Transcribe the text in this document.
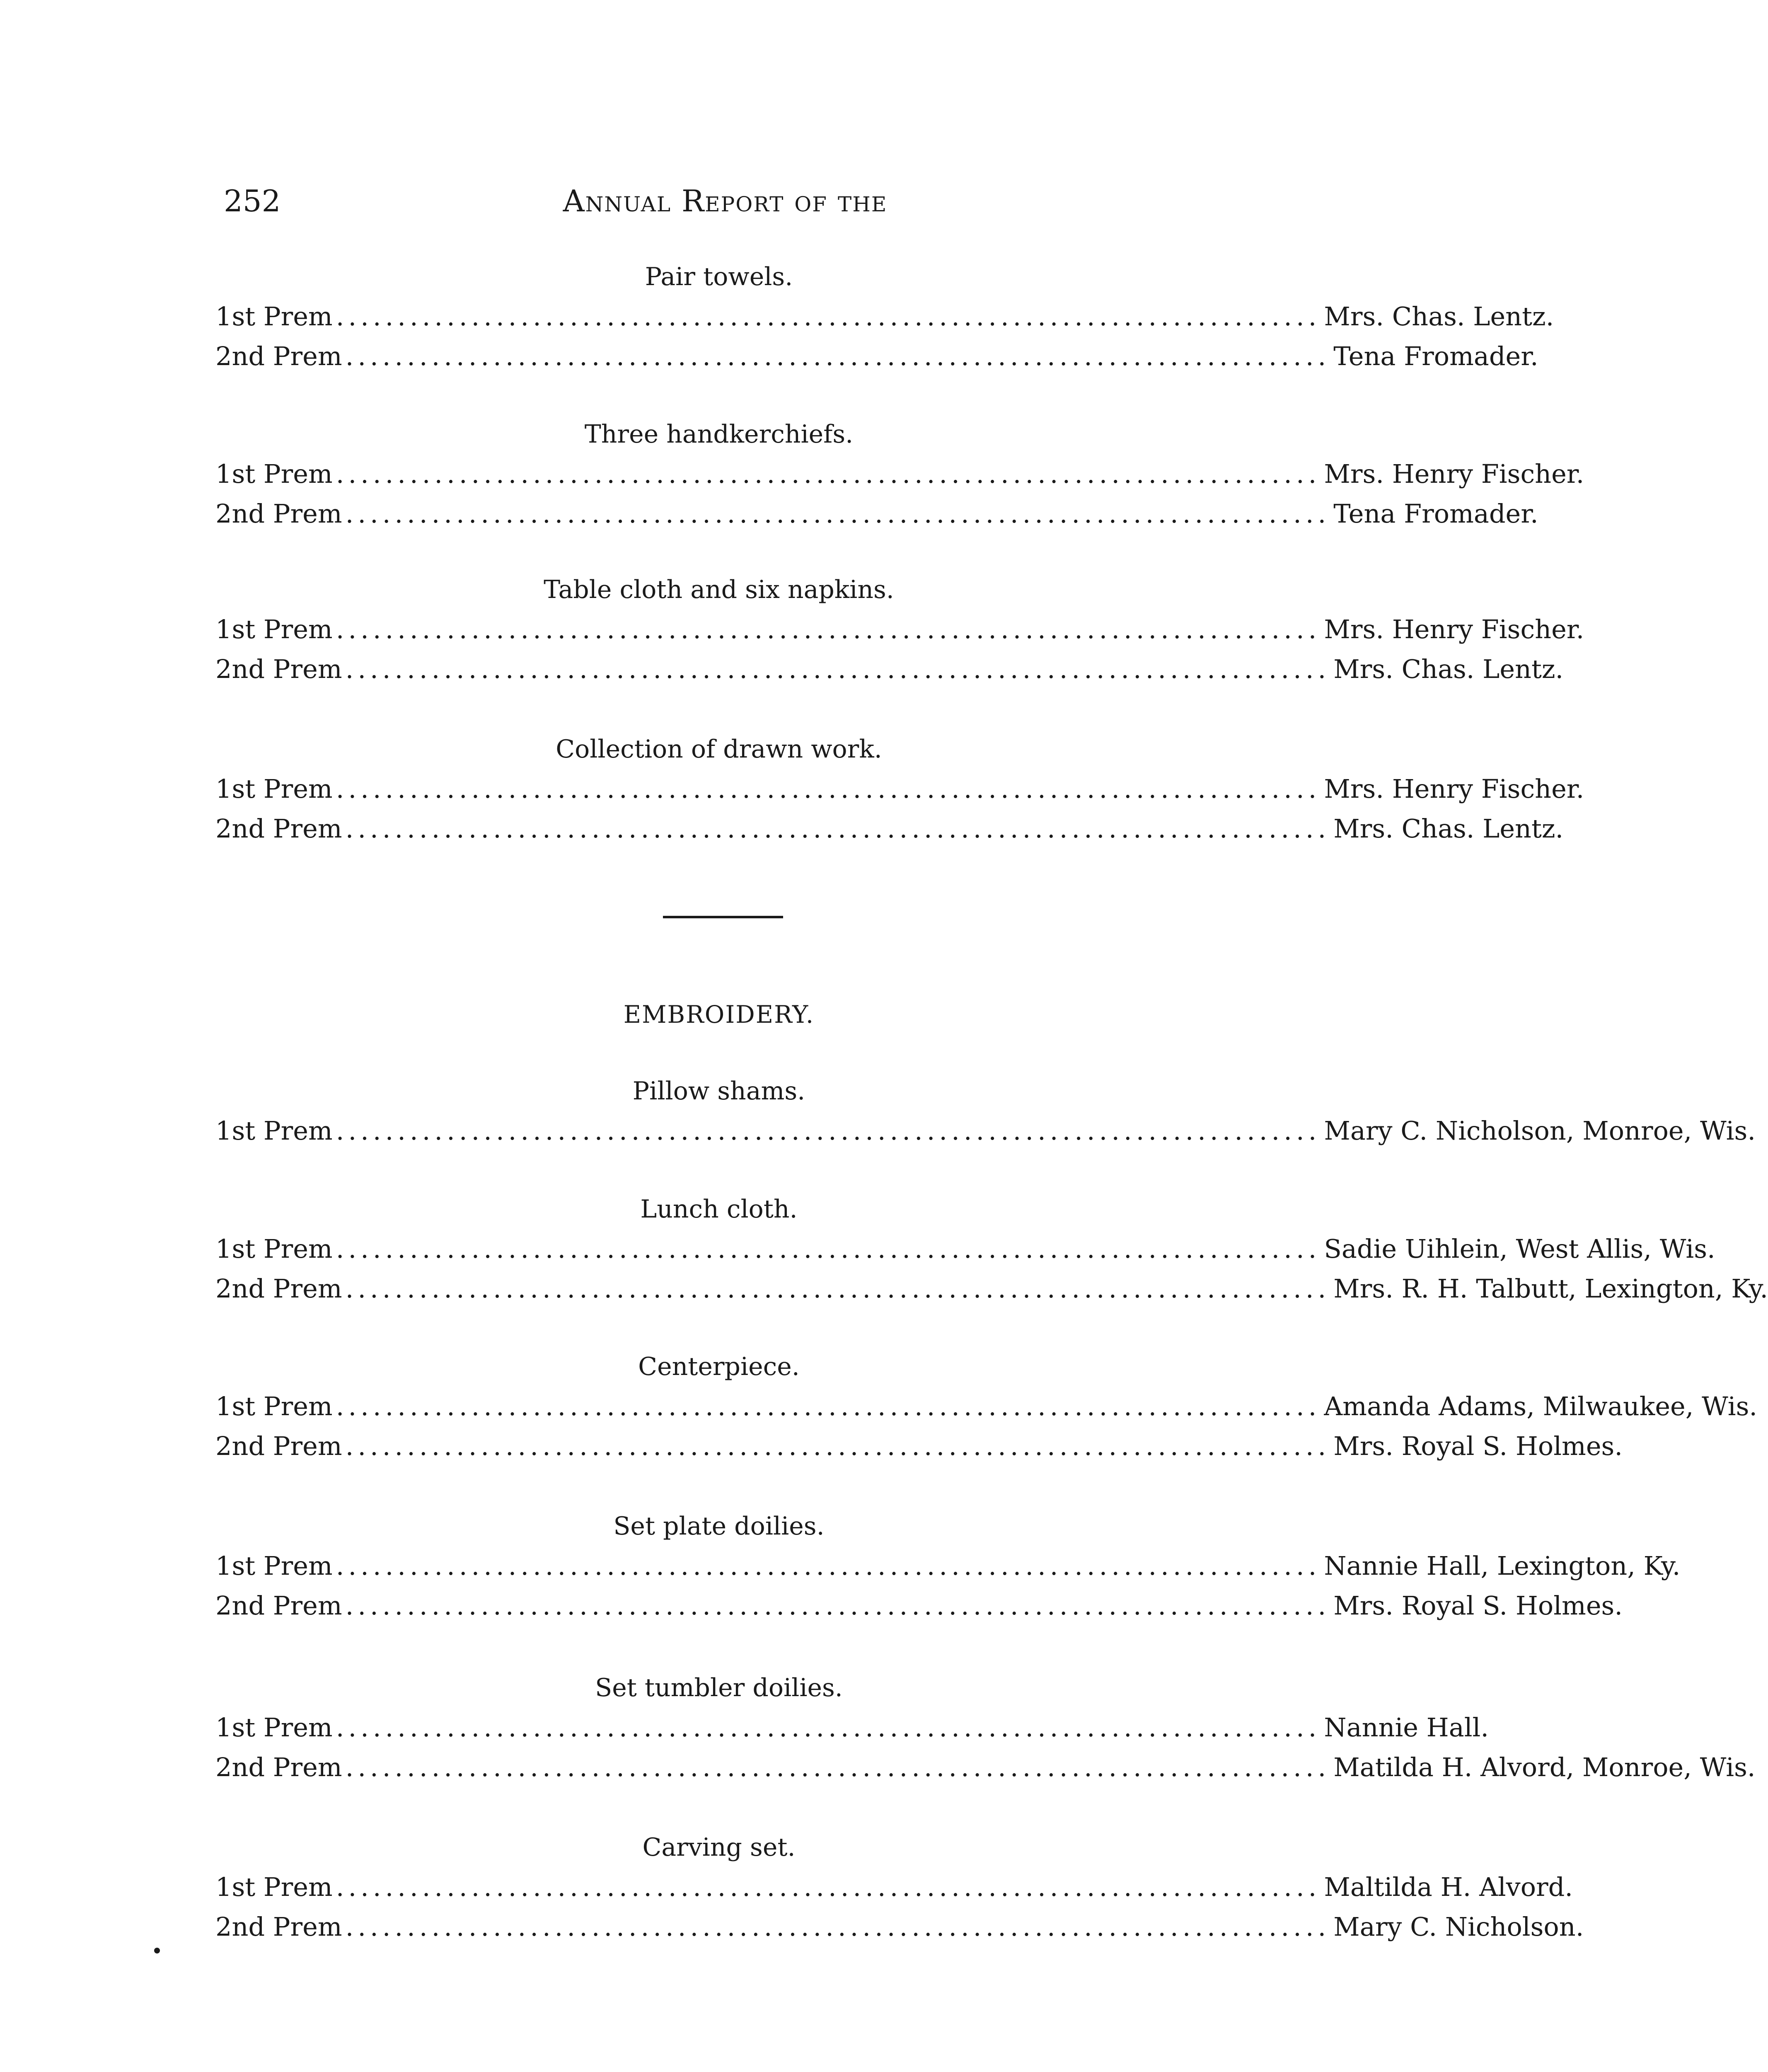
252	Annual Report of the
Pair towels.
1st Prem ................................................................................ Mrs. Chas. Lentz.
2nd Prem ................................................................................ Tena Fromader.
Three handkerchiefs.
1st Prem ................................................................................ Mrs. Henry Fischer.
2nd Prem ................................................................................ Tena Fromader.
Table cloth and six napkins.
1st Prem ................................................................................ Mrs. Henry Fischer.
2nd Prem ................................................................................ Mrs. Chas. Lentz.
Collection of drawn work.
1st Prem ................................................................................ Mrs. Henry Fischer.
2nd Prem ................................................................................ Mrs. Chas. Lentz.
EMBROIDERY.
Pillow shams.
1st Prem ................................................................................ Mary C. Nicholson, Monroe, Wis.
Lunch cloth.
1st Prem ................................................................................ Sadie Uihlein, West Allis, Wis.
2nd Prem ................................................................................ Mrs. R. H. Talbutt, Lexington, Ky.
Centerpiece.
1st Prem ................................................................................ Amanda Adams, Milwaukee, Wis.
2nd Prem ................................................................................ Mrs. Royal S. Holmes.
Set plate doilies.
1st Prem ................................................................................ Nannie Hall, Lexington, Ky.
2nd Prem ................................................................................ Mrs. Royal S. Holmes.
Set tumbler doilies.
1st Prem ................................................................................ Nannie Hall.
2nd Prem ................................................................................ Matilda H. Alvord, Monroe, Wis.
Carving set.
1st Prem ................................................................................ Maltilda H. Alvord.
2nd Prem ................................................................................ Mary C. Nicholson.
